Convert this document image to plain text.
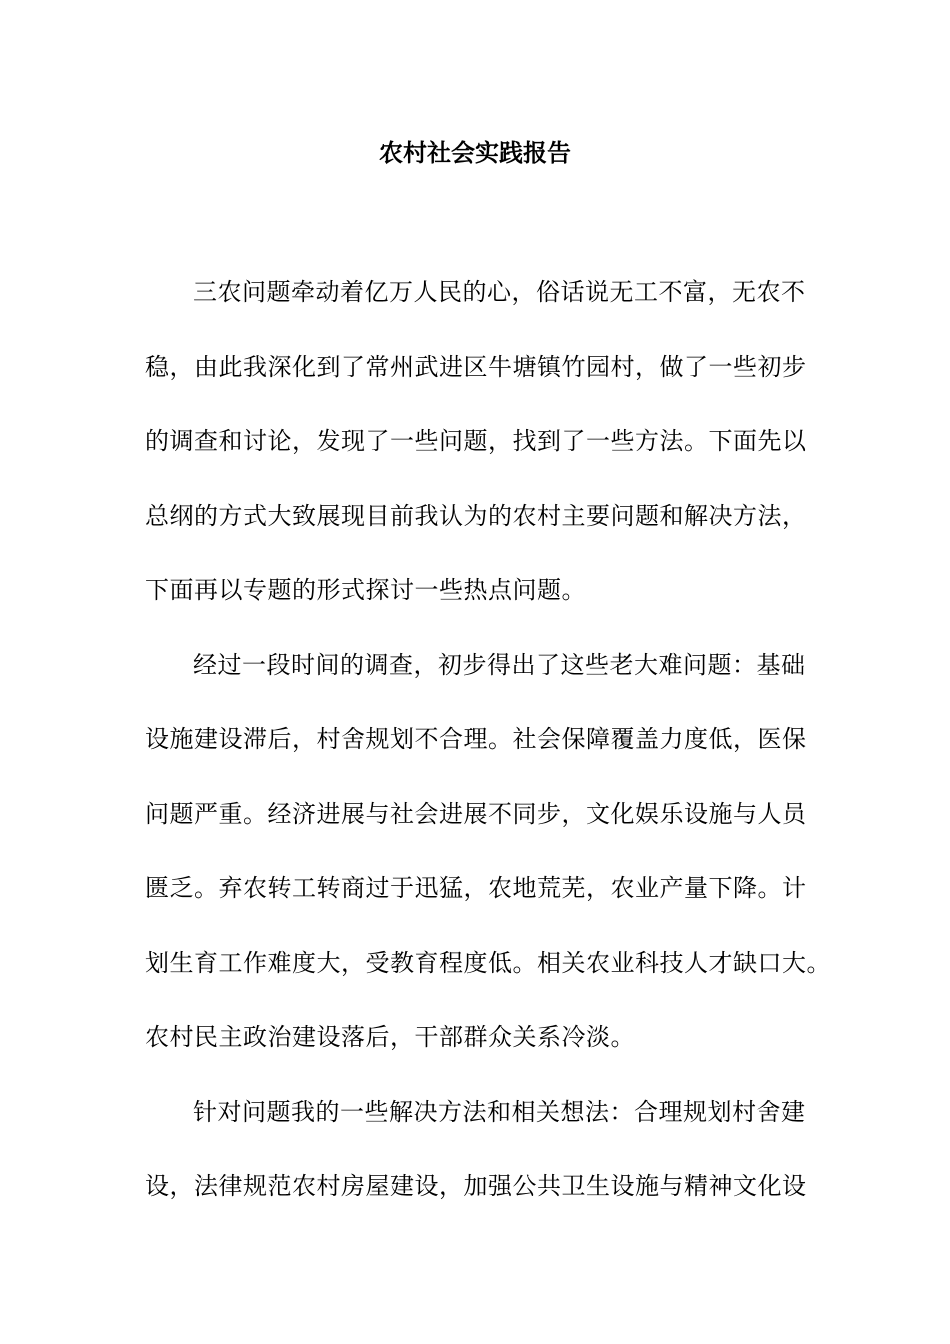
农村社会实践报告

三农问题牵动着亿万人民的心，俗话说无工不富，无农不
稳，由此我深化到了常州武进区牛塘镇竹园村，做了一些初步
的调查和讨论，发现了一些问题，找到了一些方法。下面先以
总纲的方式大致展现目前我认为的农村主要问题和解决方法，
下面再以专题的形式探讨一些热点问题。

经过一段时间的调查，初步得出了这些老大难问题：基础
设施建设滞后，村舍规划不合理。社会保障覆盖力度低，医保
问题严重。经济进展与社会进展不同步，文化娱乐设施与人员
匮乏。弃农转工转商过于迅猛，农地荒芜，农业产量下降。计
划生育工作难度大，受教育程度低。相关农业科技人才缺口大。
农村民主政治建设落后，干部群众关系冷淡。

针对问题我的一些解决方法和相关想法：合理规划村舍建
设，法律规范农村房屋建设，加强公共卫生设施与精神文化设
